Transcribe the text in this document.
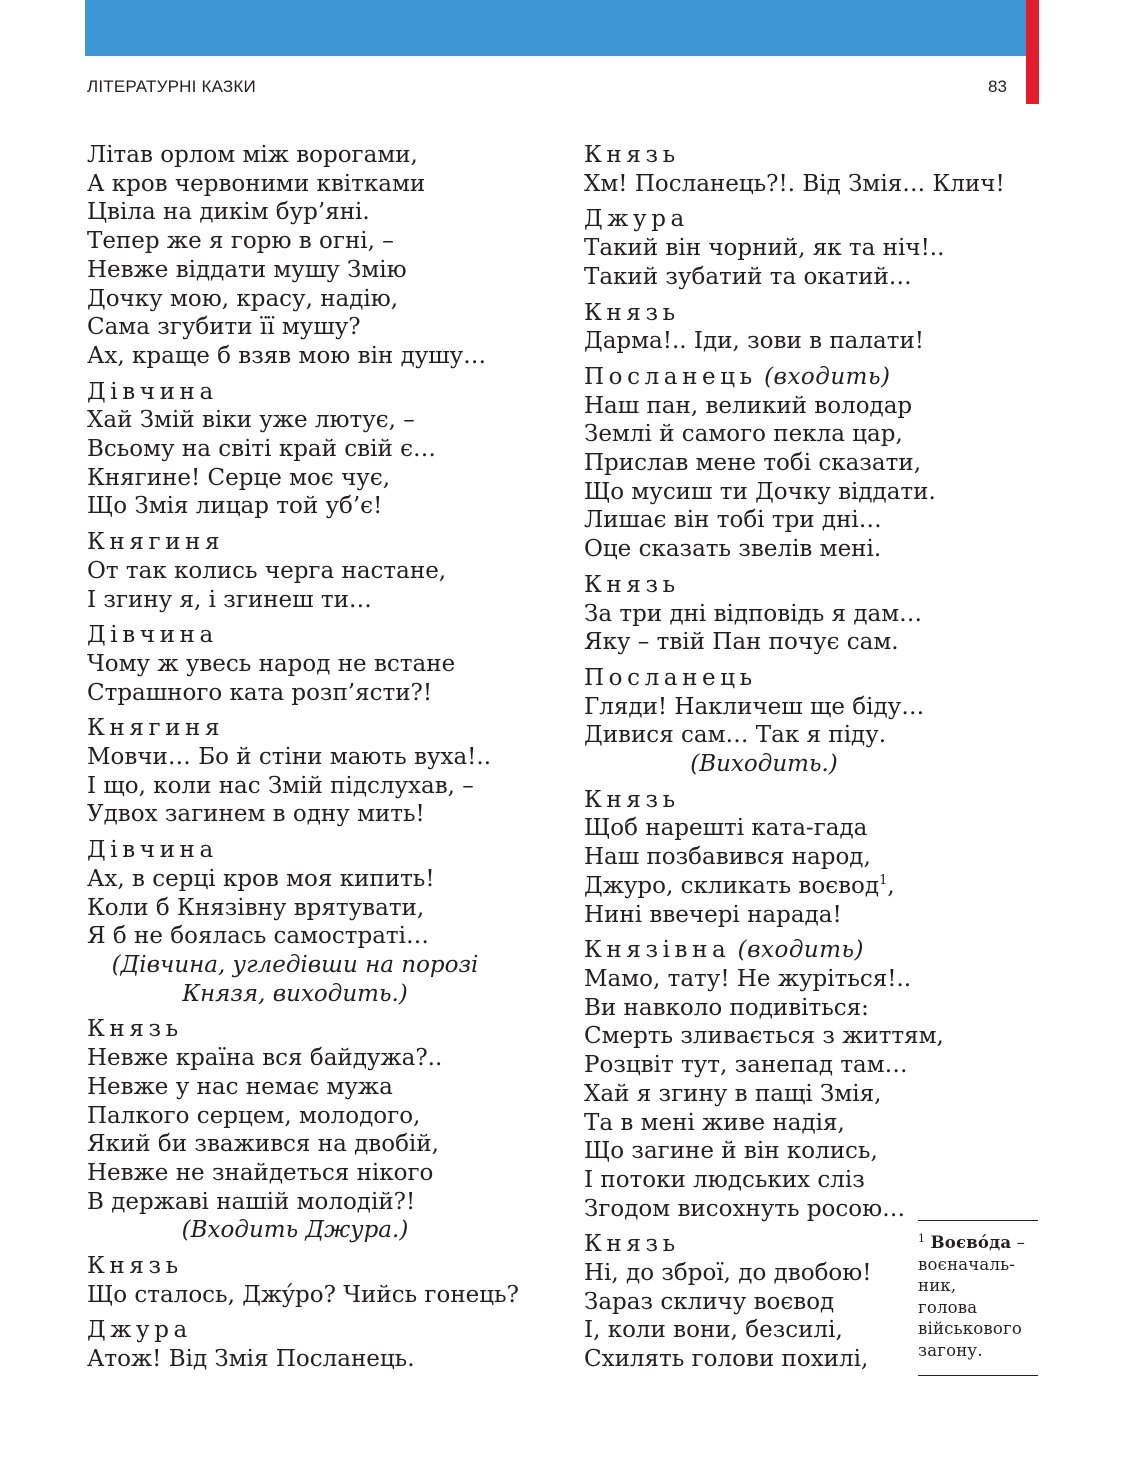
ЛІТЕРАТУРНІ КАЗКИ	83
Літав орлом між ворогами,
А кров червоними квітками
Цвіла на дикім бур’яні.
Тепер же я горю в огні, –
Невже віддати мушу Змію
Дочку мою, красу, надію,
Сама згубити її мушу?
Ах, краще б взяв мою він душу…
Дівчина
Хай Змій віки уже лютує, –
Всьому на світі край свій є…
Княгине! Серце моє чує,
Що Змія лицар той уб’є!
Княгиня
От так колись черга настане,
І згину я, і згинеш ти…
Дівчина
Чому ж увесь народ не встане
Страшного ката розп’ясти?!
Княгиня
Мовчи… Бо й стіни мають вуха!..
І що, коли нас Змій підслухав, –
Удвох загинем в одну мить!
Дівчина
Ах, в серці кров моя кипить!
Коли б Князівну врятувати,
Я б не боялась самостраті…
(Дівчина, угледівши на порозі
Князя, виходить.)
Князь
Невже країна вся байдужа?..
Невже у нас немає мужа
Палкого серцем, молодого,
Який би зважився на двобій,
Невже не знайдеться нікого
В державі нашій молодій?!
(Входить Джура.)
Князь
Що сталось, Джýро? Чийсь гонець?
Джура
Атож! Від Змія Посланець.
Князь
Хм! Посланець?!. Від Змія… Клич!
Джура
Такий він чорний, як та ніч!..
Такий зубатий та окатий…
Князь
Дарма!.. Іди, зови в палати!
Посланець (входить)
Наш пан, великий володар
Землі й самого пекла цар,
Прислав мене тобі сказати,
Що мусиш ти Дочку віддати.
Лишає він тобі три дні…
Оце сказать звелів мені.
Князь
За три дні відповідь я дам…
Яку – твій Пан почує сам.
Посланець
Гляди! Накличеш ще біду…
Дивися сам… Так я піду.
(Виходить.)
Князь
Щоб нарешті ката-гада
Наш позбавився народ,
Джуро, скликать воєвод$^1$,
Нині ввечері нарада!
Князівна (входить)
Мамо, тату! Не журіться!..
Ви навколо подивіться:
Смерть зливається з життям,
Розцвіт тут, занепад там…
Хай я згину в пащі Змія,
Та в мені живе надія,
Що загине й він колись,
І потоки людських сліз
Згодом висохнуть росою…
Князь
Ні, до зброї, до двобою!
Зараз скличу воєвод
І, коли вони, безсилі,
Схилять голови похилі,
$^1$ Воєвóда –
воєначаль-
ник,
голова
військового
загону.
